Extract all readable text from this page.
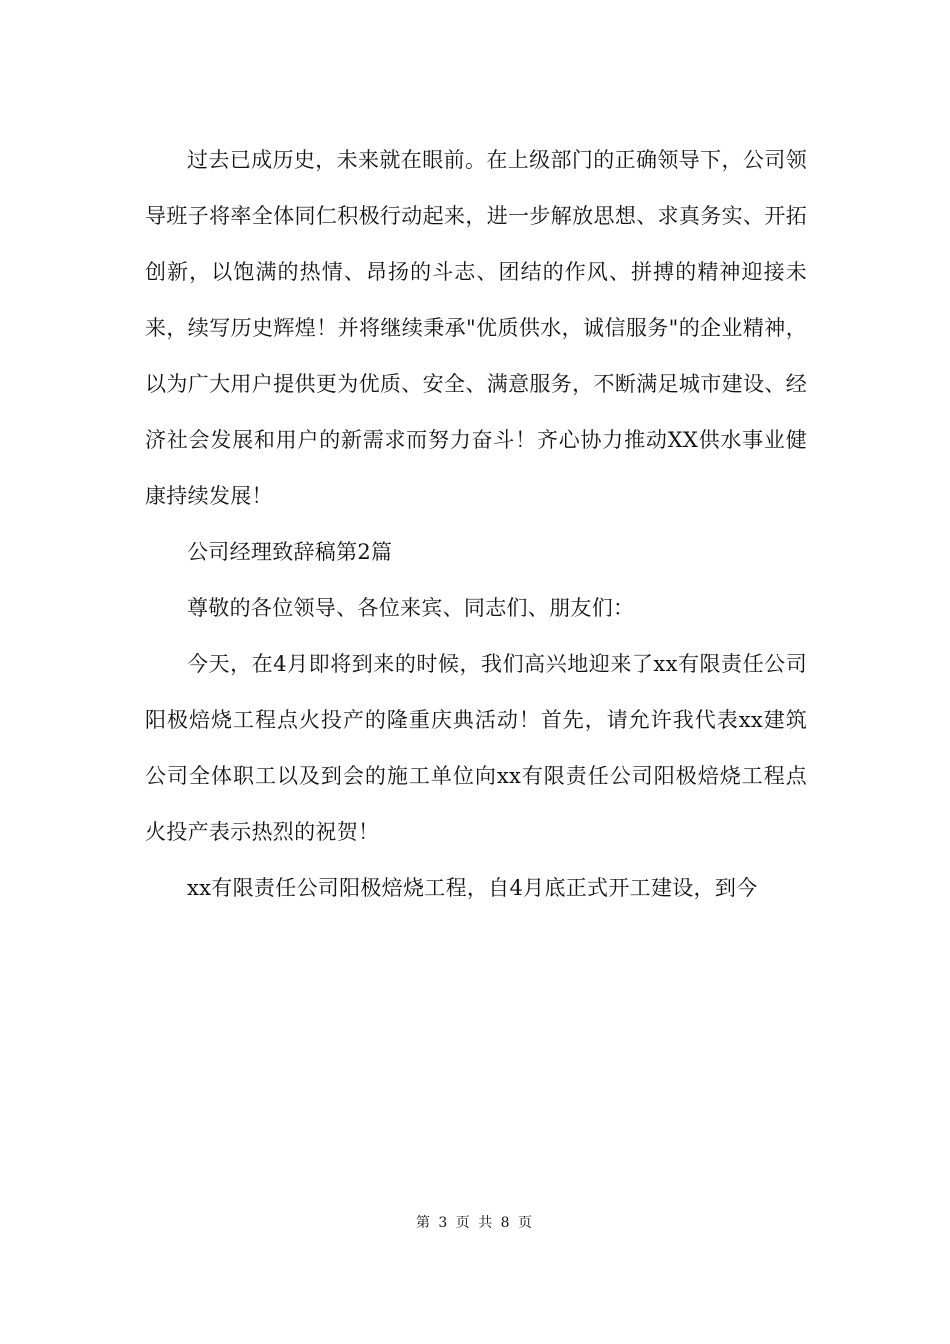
过去已成历史，未来就在眼前。在上级部门的正确领导下，公司领导班子将率全体同仁积极行动起来，进一步解放思想、求真务实、开拓创新，以饱满的热情、昂扬的斗志、团结的作风、拼搏的精神迎接未来，续写历史辉煌！并将继续秉承"优质供水，诚信服务"的企业精神，以为广大用户提供更为优质、安全、满意服务，不断满足城市建设、经济社会发展和用户的新需求而努力奋斗！齐心协力推动XX供水事业健康持续发展！

公司经理致辞稿第2篇

尊敬的各位领导、各位来宾、同志们、朋友们：

今天，在4月即将到来的时候，我们高兴地迎来了xx有限责任公司阳极焙烧工程点火投产的隆重庆典活动！首先，请允许我代表xx建筑公司全体职工以及到会的施工单位向xx有限责任公司阳极焙烧工程点火投产表示热烈的祝贺！

xx有限责任公司阳极焙烧工程，自4月底正式开工建设，到今

第 3 页 共 8 页
